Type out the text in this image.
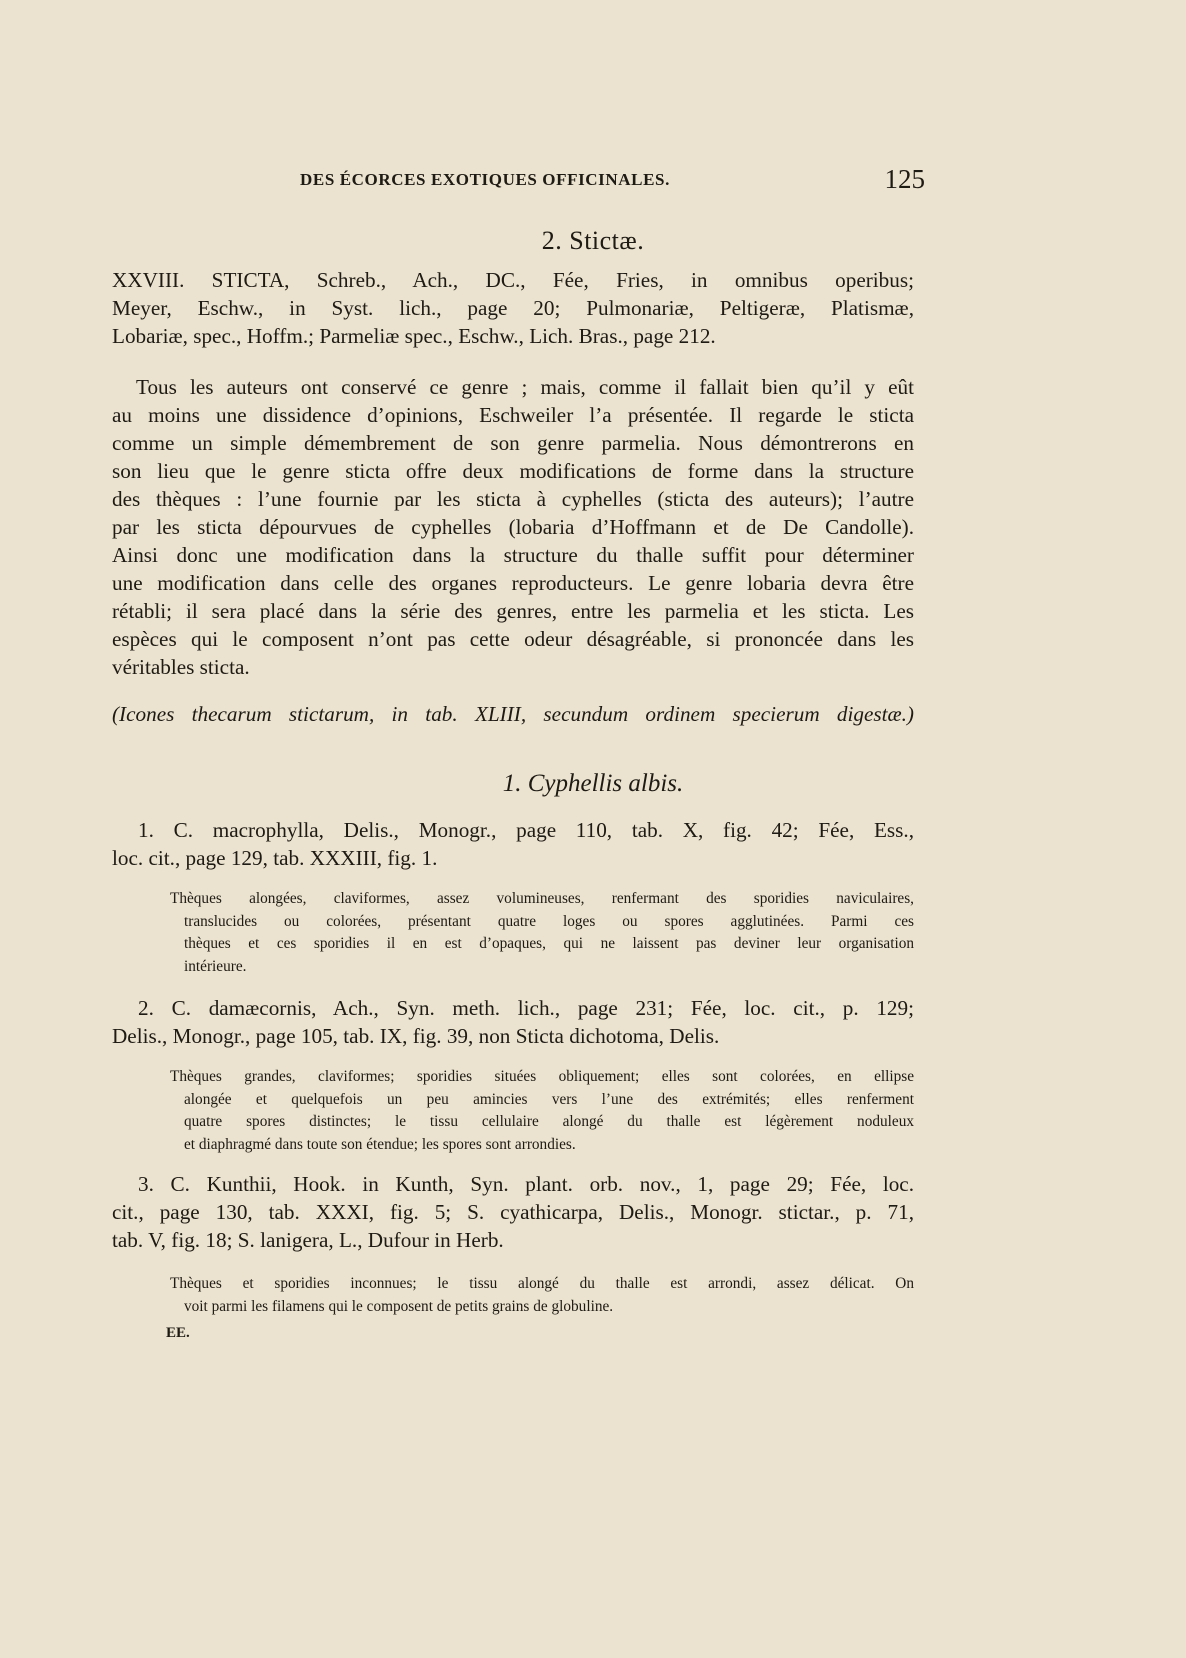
DES ÉCORCES EXOTIQUES OFFICINALES.	125
2. Stictæ.
XXVIII. STICTA, Schreb., Ach., DC., Fée, Fries, in omnibus operibus;
Meyer, Eschw., in Syst. lich., page 20; Pulmonariæ, Peltigeræ, Platismæ,
Lobariæ, spec., Hoffm.; Parmeliæ spec., Eschw., Lich. Bras., page 212.
Tous les auteurs ont conservé ce genre ; mais, comme il fallait bien qu’il y eût
au moins une dissidence d’opinions, Eschweiler l’a présentée. Il regarde le sticta
comme un simple démembrement de son genre parmelia. Nous démontrerons en
son lieu que le genre sticta offre deux modifications de forme dans la structure
des thèques : l’une fournie par les sticta à cyphelles (sticta des auteurs); l’autre
par les sticta dépourvues de cyphelles (lobaria d’Hoffmann et de De Candolle).
Ainsi donc une modification dans la structure du thalle suffit pour déterminer
une modification dans celle des organes reproducteurs. Le genre lobaria devra être
rétabli; il sera placé dans la série des genres, entre les parmelia et les sticta. Les
espèces qui le composent n’ont pas cette odeur désagréable, si prononcée dans les
véritables sticta.
(Icones thecarum stictarum, in tab. XLIII, secundum ordinem specierum digestæ.)
1. Cyphellis albis.
1. C. macrophylla, Delis., Monogr., page 110, tab. X, fig. 42; Fée, Ess.,
loc. cit., page 129, tab. XXXIII, fig. 1.
Thèques alongées, claviformes, assez volumineuses, renfermant des sporidies naviculaires,
translucides ou colorées, présentant quatre loges ou spores agglutinées. Parmi ces
thèques et ces sporidies il en est d’opaques, qui ne laissent pas deviner leur organisation
intérieure.
2. C. damæcornis, Ach., Syn. meth. lich., page 231; Fée, loc. cit., p. 129;
Delis., Monogr., page 105, tab. IX, fig. 39, non Sticta dichotoma, Delis.
Thèques grandes, claviformes; sporidies situées obliquement; elles sont colorées, en ellipse
alongée et quelquefois un peu amincies vers l’une des extrémités; elles renferment
quatre spores distinctes; le tissu cellulaire alongé du thalle est légèrement noduleux
et diaphragmé dans toute son étendue; les spores sont arrondies.
3. C. Kunthii, Hook. in Kunth, Syn. plant. orb. nov., 1, page 29; Fée, loc.
cit., page 130, tab. XXXI, fig. 5; S. cyathicarpa, Delis., Monogr. stictar., p. 71,
tab. V, fig. 18; S. lanigera, L., Dufour in Herb.
Thèques et sporidies inconnues; le tissu alongé du thalle est arrondi, assez délicat. On
voit parmi les filamens qui le composent de petits grains de globuline.
EE.
